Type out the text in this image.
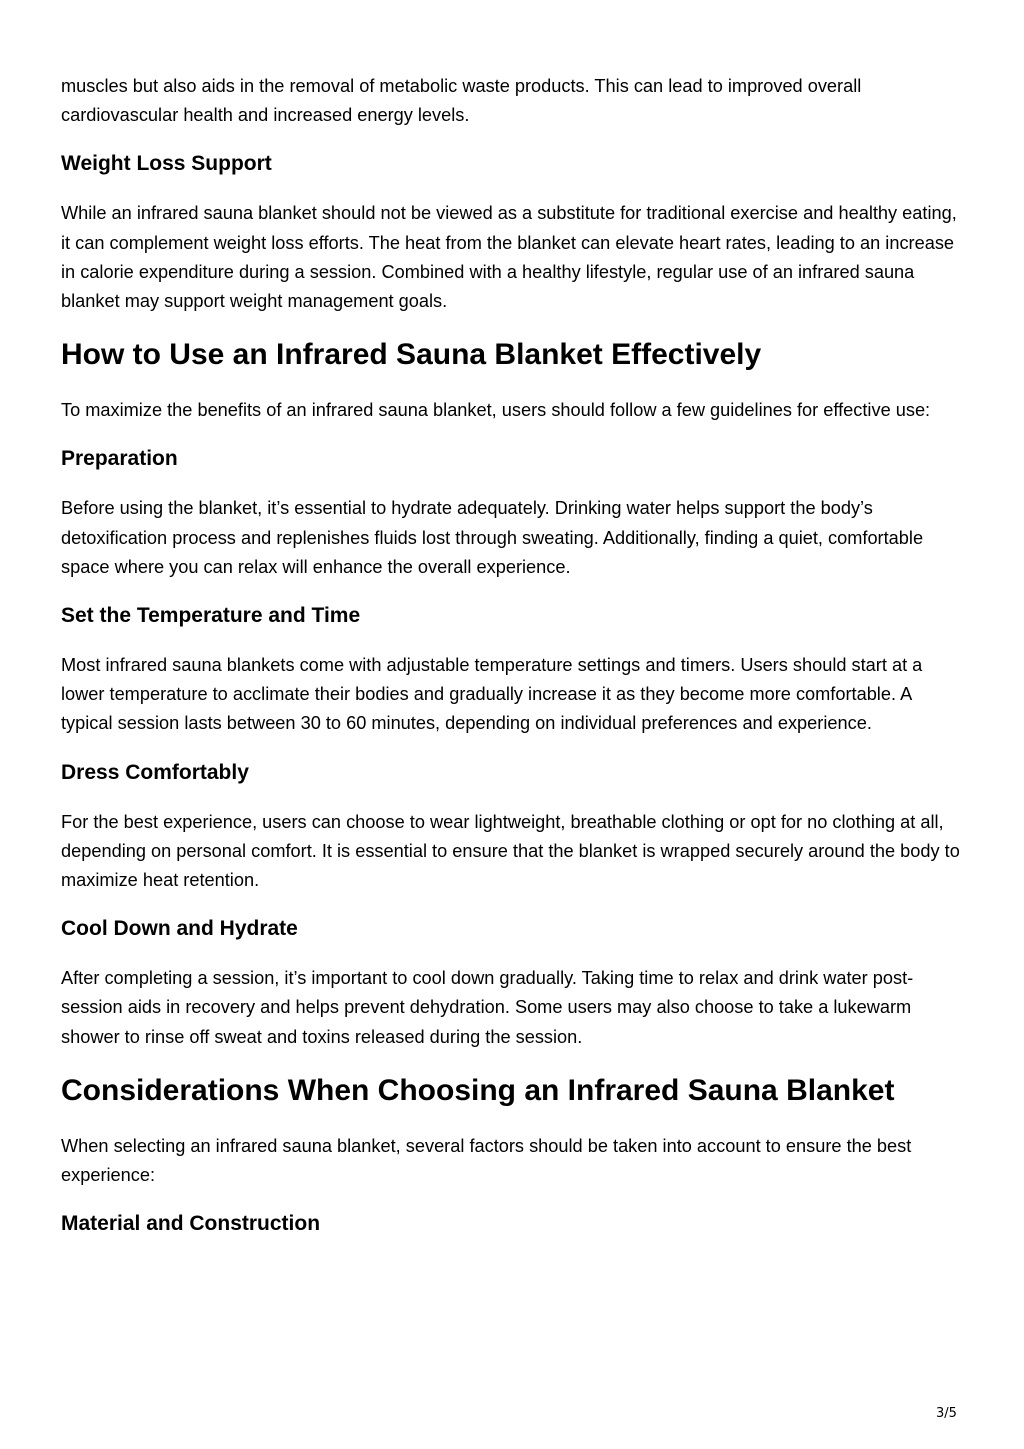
muscles but also aids in the removal of metabolic waste products. This can lead to improved overall cardiovascular health and increased energy levels.

Weight Loss Support

While an infrared sauna blanket should not be viewed as a substitute for traditional exercise and healthy eating, it can complement weight loss efforts. The heat from the blanket can elevate heart rates, leading to an increase in calorie expenditure during a session. Combined with a healthy lifestyle, regular use of an infrared sauna blanket may support weight management goals.

How to Use an Infrared Sauna Blanket Effectively

To maximize the benefits of an infrared sauna blanket, users should follow a few guidelines for effective use:

Preparation

Before using the blanket, it’s essential to hydrate adequately. Drinking water helps support the body’s detoxification process and replenishes fluids lost through sweating. Additionally, finding a quiet, comfortable space where you can relax will enhance the overall experience.

Set the Temperature and Time

Most infrared sauna blankets come with adjustable temperature settings and timers. Users should start at a lower temperature to acclimate their bodies and gradually increase it as they become more comfortable. A typical session lasts between 30 to 60 minutes, depending on individual preferences and experience.

Dress Comfortably

For the best experience, users can choose to wear lightweight, breathable clothing or opt for no clothing at all, depending on personal comfort. It is essential to ensure that the blanket is wrapped securely around the body to maximize heat retention.

Cool Down and Hydrate

After completing a session, it’s important to cool down gradually. Taking time to relax and drink water post-session aids in recovery and helps prevent dehydration. Some users may also choose to take a lukewarm shower to rinse off sweat and toxins released during the session.

Considerations When Choosing an Infrared Sauna Blanket

When selecting an infrared sauna blanket, several factors should be taken into account to ensure the best experience:

Material and Construction
3/5
